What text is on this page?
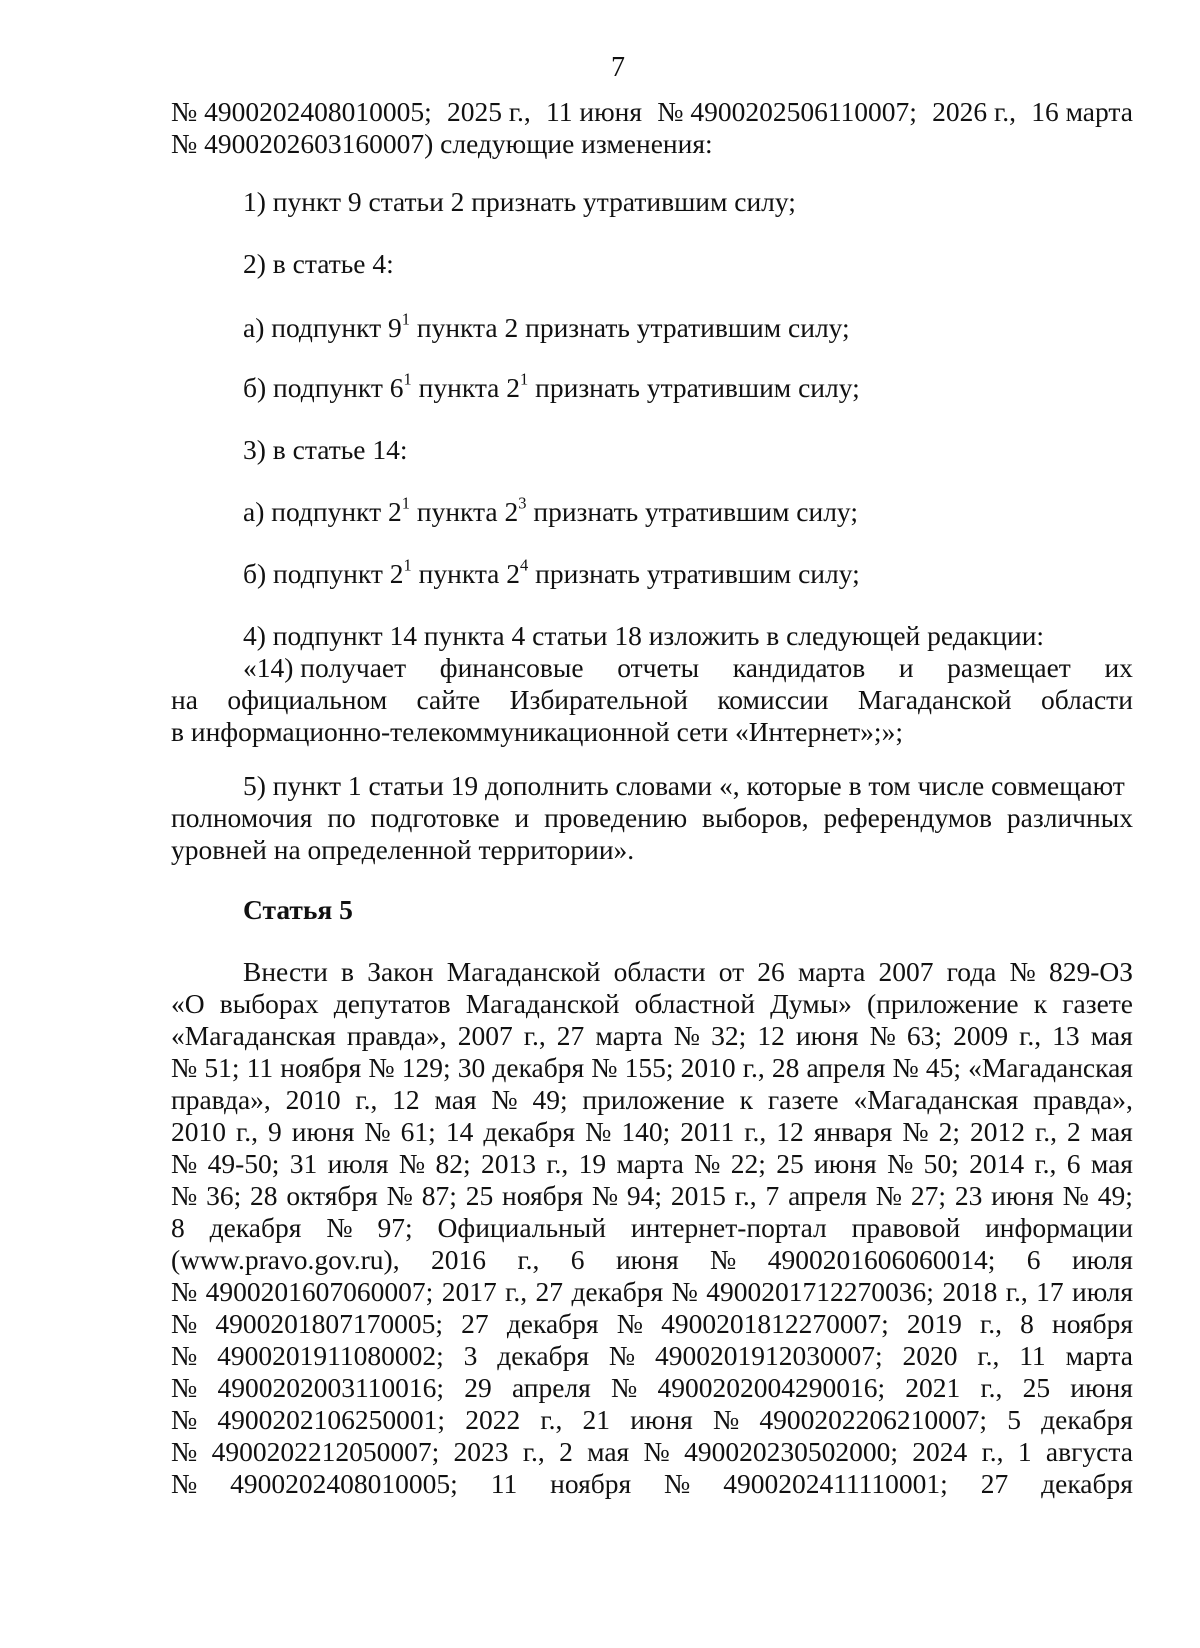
7
№ 4900202408010005; 2025 г., 11 июня № 4900202506110007; 2026 г., 16 марта
№ 4900202603160007) следующие изменения:
1) пункт 9 статьи 2 признать утратившим силу;
2) в статье 4:
а) подпункт $9^1$ пункта 2 признать утратившим силу;
б) подпункт $6^1$ пункта $2^1$ признать утратившим силу;
3) в статье 14:
а) подпункт $2^1$ пункта $2^3$ признать утратившим силу;
б) подпункт $2^1$ пункта $2^4$ признать утратившим силу;
4) подпункт 14 пункта 4 статьи 18 изложить в следующей редакции:
«14) получает финансовые отчеты кандидатов и размещает их
на официальном сайте Избирательной комиссии Магаданской области
в информационно-телекоммуникационной сети «Интернет»;»;
5) пункт 1 статьи 19 дополнить словами «, которые в том числе совмещают
полномочия по подготовке и проведению выборов, референдумов различных
уровней на определенной территории».
Статья 5
Внести в Закон Магаданской области от 26 марта 2007 года № 829-ОЗ
«О выборах депутатов Магаданской областной Думы» (приложение к газете
«Магаданская правда», 2007 г., 27 марта № 32; 12 июня № 63; 2009 г., 13 мая
№ 51; 11 ноября № 129; 30 декабря № 155; 2010 г., 28 апреля № 45; «Магаданская
правда», 2010 г., 12 мая № 49; приложение к газете «Магаданская правда»,
2010 г., 9 июня № 61; 14 декабря № 140; 2011 г., 12 января № 2; 2012 г., 2 мая
№ 49-50; 31 июля № 82; 2013 г., 19 марта № 22; 25 июня № 50; 2014 г., 6 мая
№ 36; 28 октября № 87; 25 ноября № 94; 2015 г., 7 апреля № 27; 23 июня № 49;
8 декабря № 97; Официальный интернет-портал правовой информации
(www.pravo.gov.ru), 2016 г., 6 июня № 4900201606060014; 6 июля
№ 4900201607060007; 2017 г., 27 декабря № 4900201712270036; 2018 г., 17 июля
№ 4900201807170005; 27 декабря № 4900201812270007; 2019 г., 8 ноября
№ 4900201911080002; 3 декабря № 4900201912030007; 2020 г., 11 марта
№ 4900202003110016; 29 апреля № 4900202004290016; 2021 г., 25 июня
№ 4900202106250001; 2022 г., 21 июня № 4900202206210007; 5 декабря
№ 4900202212050007; 2023 г., 2 мая № 490020230502000; 2024 г., 1 августа
№ 4900202408010005; 11 ноября № 4900202411110001; 27 декабря
